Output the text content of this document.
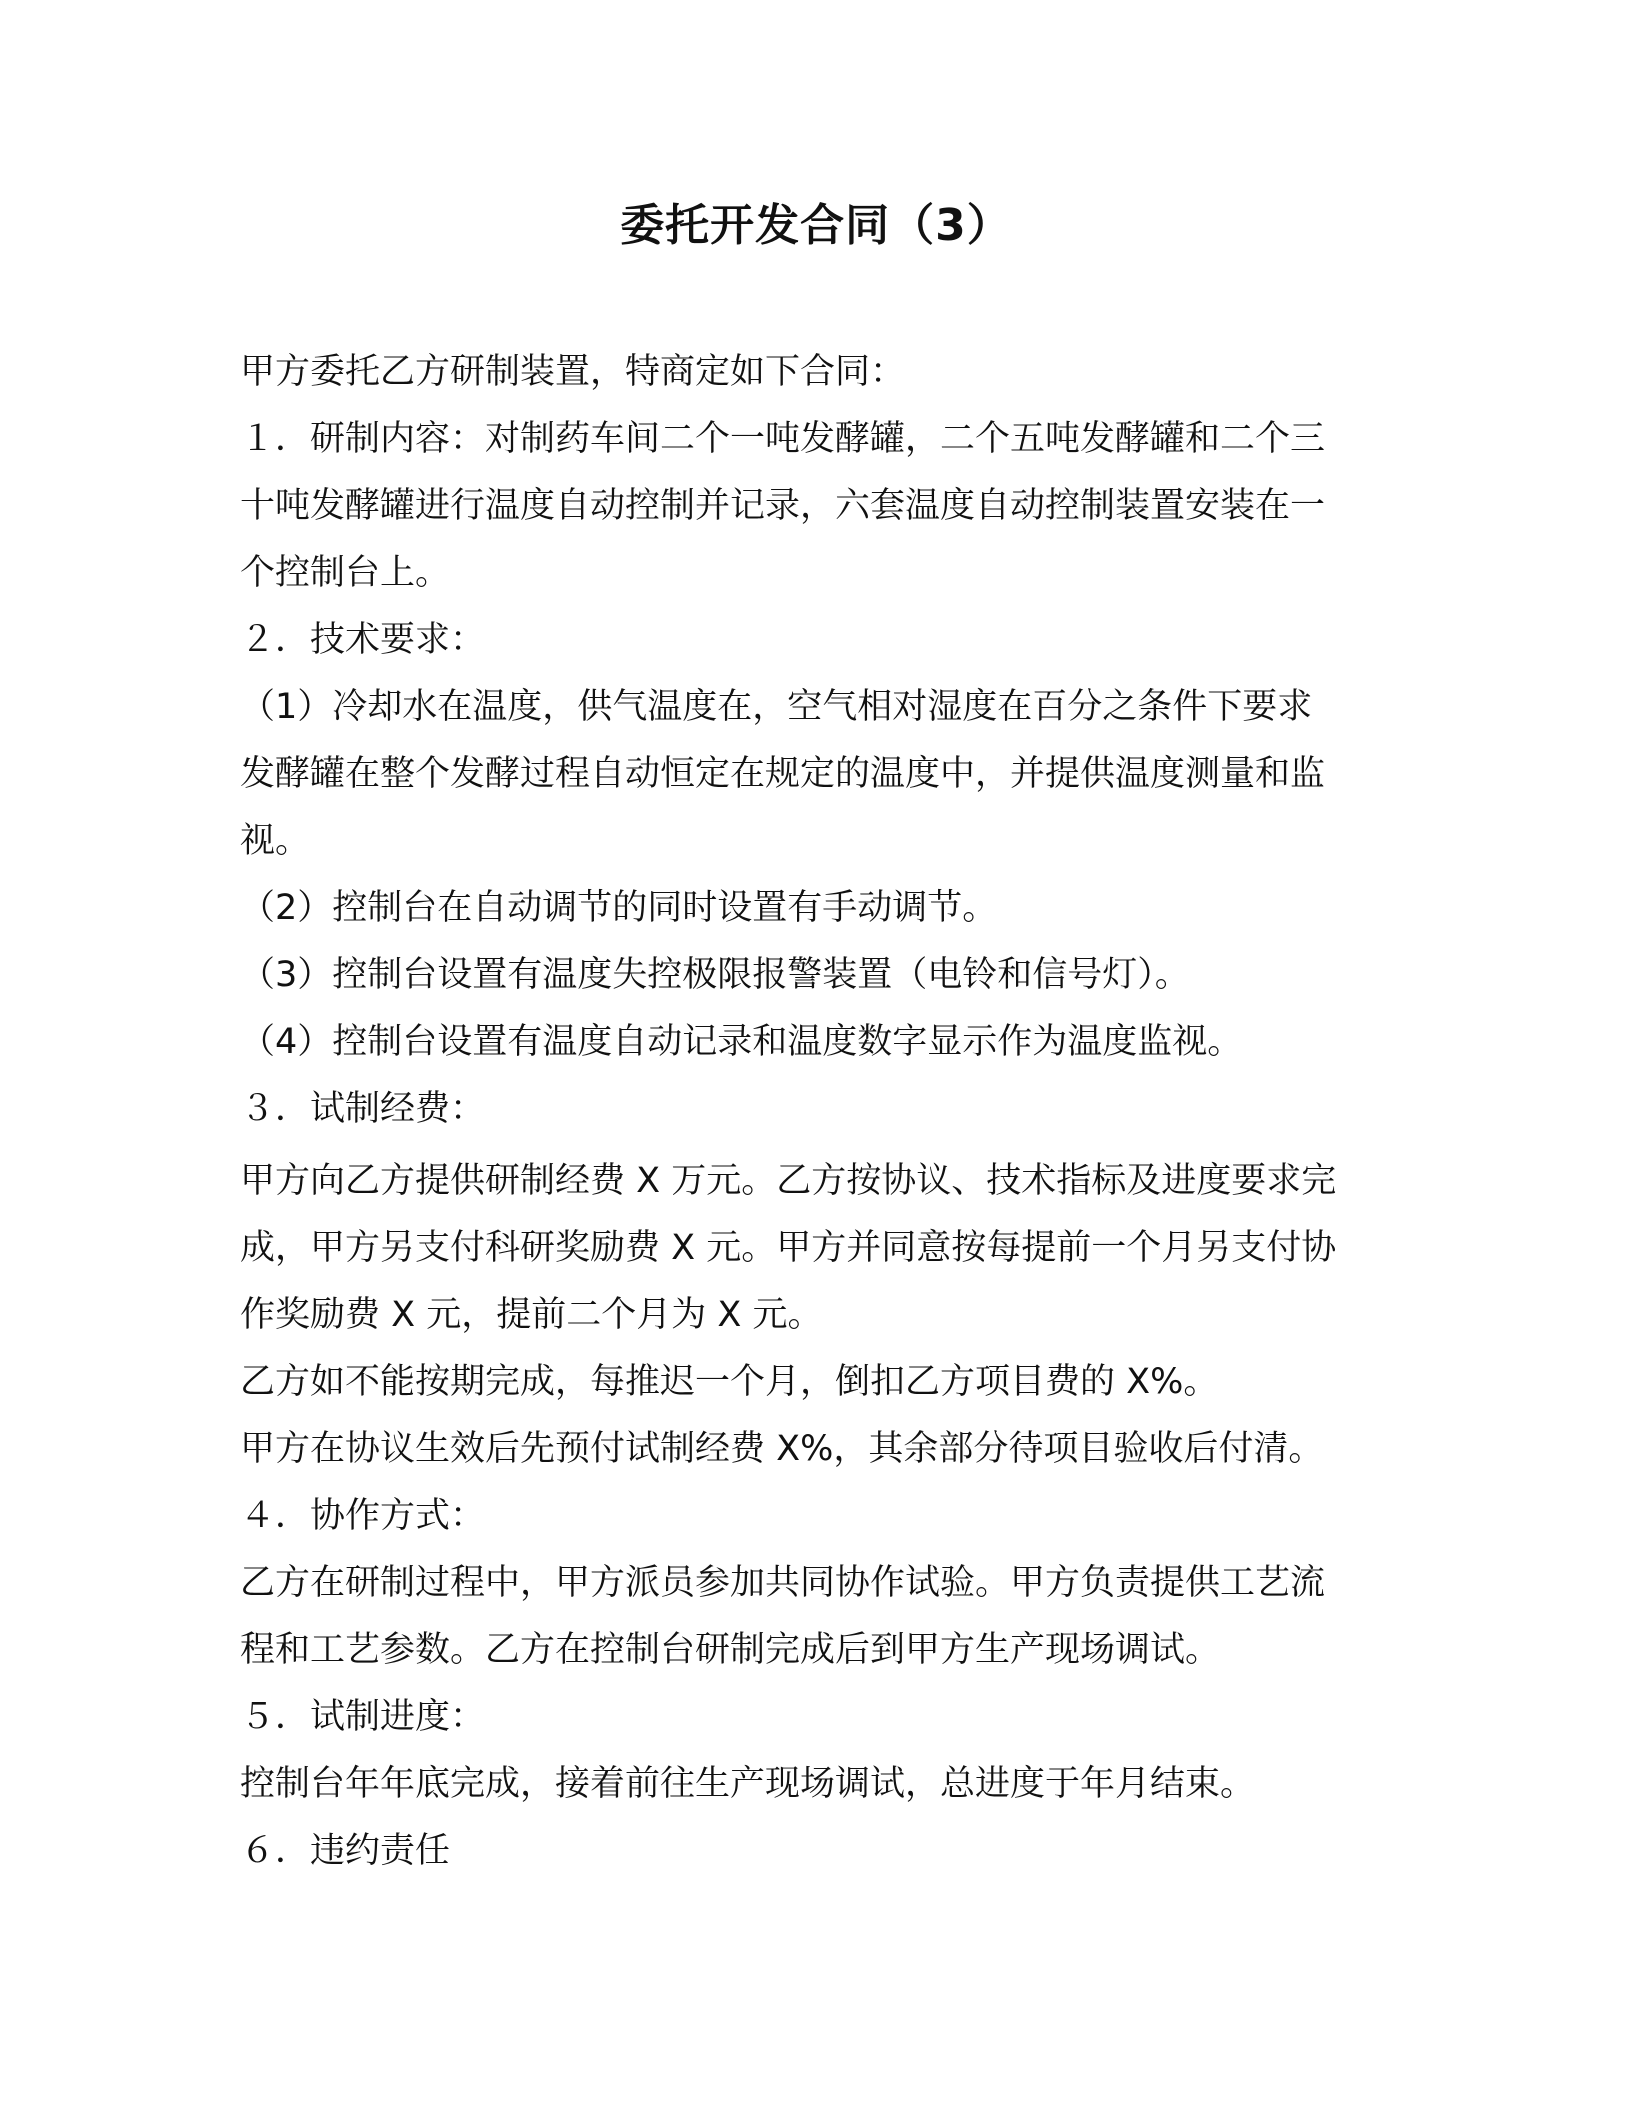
委托开发合同（3）

甲方委托乙方研制装置，特商定如下合同：

１．研制内容：对制药车间二个一吨发酵罐，二个五吨发酵罐和二个三

十吨发酵罐进行温度自动控制并记录，六套温度自动控制装置安装在一

个控制台上。

２．技术要求：

（1）冷却水在温度，供气温度在，空气相对湿度在百分之条件下要求

发酵罐在整个发酵过程自动恒定在规定的温度中，并提供温度测量和监

视。

（2）控制台在自动调节的同时设置有手动调节。

（3）控制台设置有温度失控极限报警装置（电铃和信号灯）。

（4）控制台设置有温度自动记录和温度数字显示作为温度监视。

３．试制经费：

甲方向乙方提供研制经费 X 万元。乙方按协议、技术指标及进度要求完

成，甲方另支付科研奖励费 X 元。甲方并同意按每提前一个月另支付协

作奖励费 X 元，提前二个月为 X 元。

乙方如不能按期完成，每推迟一个月，倒扣乙方项目费的 X%。

甲方在协议生效后先预付试制经费 X%，其余部分待项目验收后付清。

４．协作方式：

乙方在研制过程中，甲方派员参加共同协作试验。甲方负责提供工艺流

程和工艺参数。乙方在控制台研制完成后到甲方生产现场调试。

５．试制进度：

控制台年年底完成，接着前往生产现场调试，总进度于年月结束。

６．违约责任
